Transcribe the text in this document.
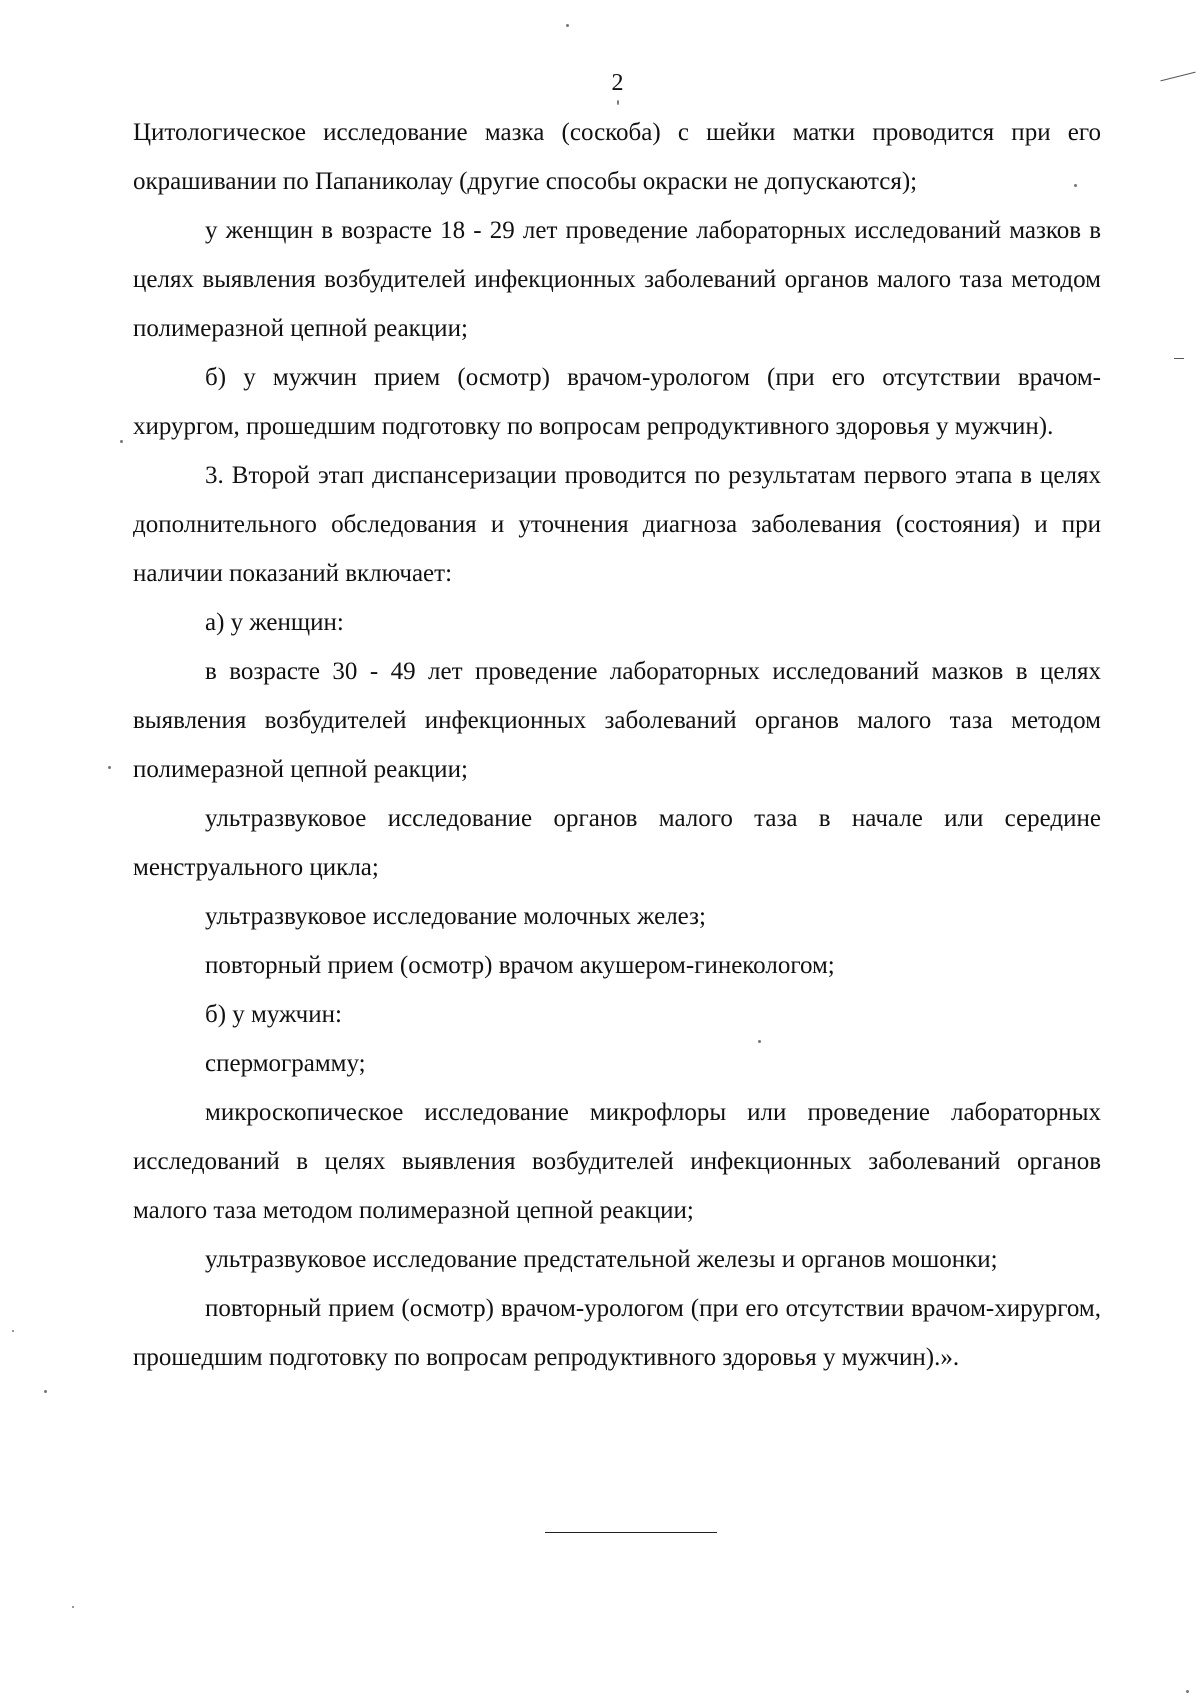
2

Цитологическое исследование мазка (соскоба) с шейки матки проводится при его окрашивании по Папаниколау (другие способы окраски не допускаются);

у женщин в возрасте 18 - 29 лет проведение лабораторных исследований мазков в целях выявления возбудителей инфекционных заболеваний органов малого таза методом полимеразной цепной реакции;

б) у мужчин прием (осмотр) врачом-урологом (при его отсутствии врачом-хирургом, прошедшим подготовку по вопросам репродуктивного здоровья у мужчин).

3. Второй этап диспансеризации проводится по результатам первого этапа в целях дополнительного обследования и уточнения диагноза заболевания (состояния) и при наличии показаний включает:

а) у женщин:

в возрасте 30 - 49 лет проведение лабораторных исследований мазков в целях выявления возбудителей инфекционных заболеваний органов малого таза методом полимеразной цепной реакции;

ультразвуковое исследование органов малого таза в начале или середине менструального цикла;

ультразвуковое исследование молочных желез;

повторный прием (осмотр) врачом акушером-гинекологом;

б) у мужчин:

спермограмму;

микроскопическое исследование микрофлоры или проведение лабораторных исследований в целях выявления возбудителей инфекционных заболеваний органов малого таза методом полимеразной цепной реакции;

ультразвуковое исследование предстательной железы и органов мошонки;

повторный прием (осмотр) врачом-урологом (при его отсутствии врачом-хирургом, прошедшим подготовку по вопросам репродуктивного здоровья у мужчин).».
